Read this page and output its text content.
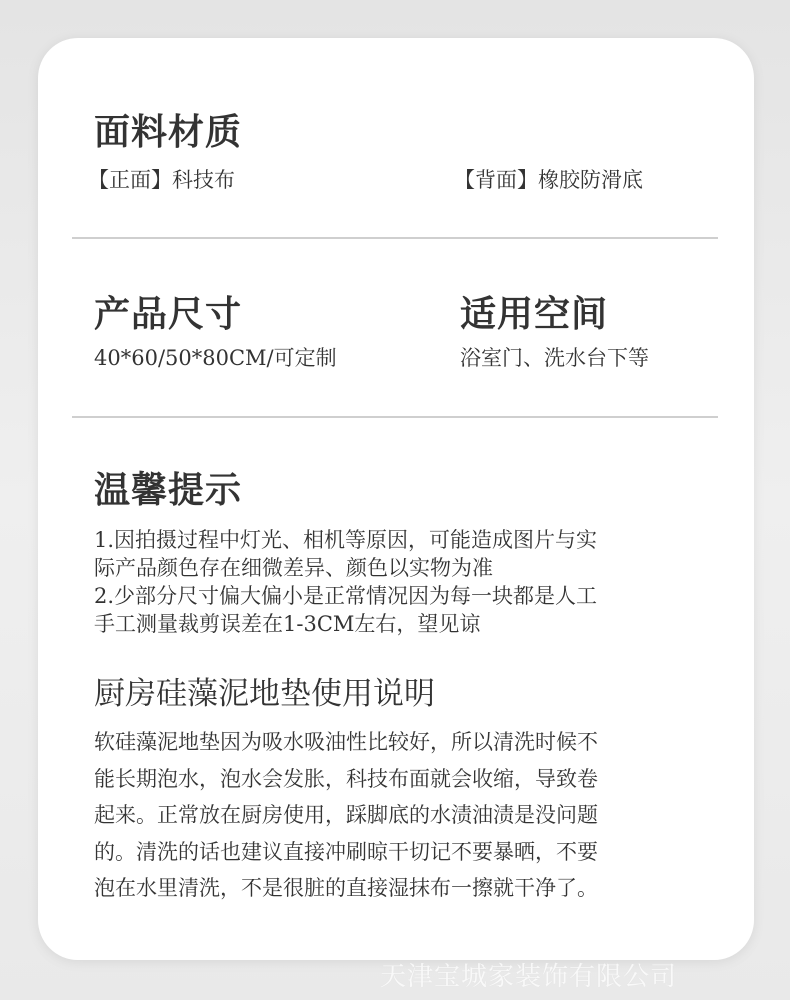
面料材质
【正面】科技布	【背面】橡胶防滑底
产品尺寸
40*60/50*80CM/可定制
适用空间
浴室门、洗水台下等
温馨提示
1.因拍摄过程中灯光、相机等原因，可能造成图片与实
际产品颜色存在细微差异、颜色以实物为准
2.少部分尺寸偏大偏小是正常情况因为每一块都是人工
手工测量裁剪误差在1-3CM左右，望见谅
厨房硅藻泥地垫使用说明
软硅藻泥地垫因为吸水吸油性比较好，所以清洗时候不
能长期泡水，泡水会发胀，科技布面就会收缩，导致卷
起来。正常放在厨房使用，踩脚底的水渍油渍是没问题
的。清洗的话也建议直接冲刷晾干切记不要暴晒，不要
泡在水里清洗，不是很脏的直接湿抹布一擦就干净了。
天津宝城家装饰有限公司
